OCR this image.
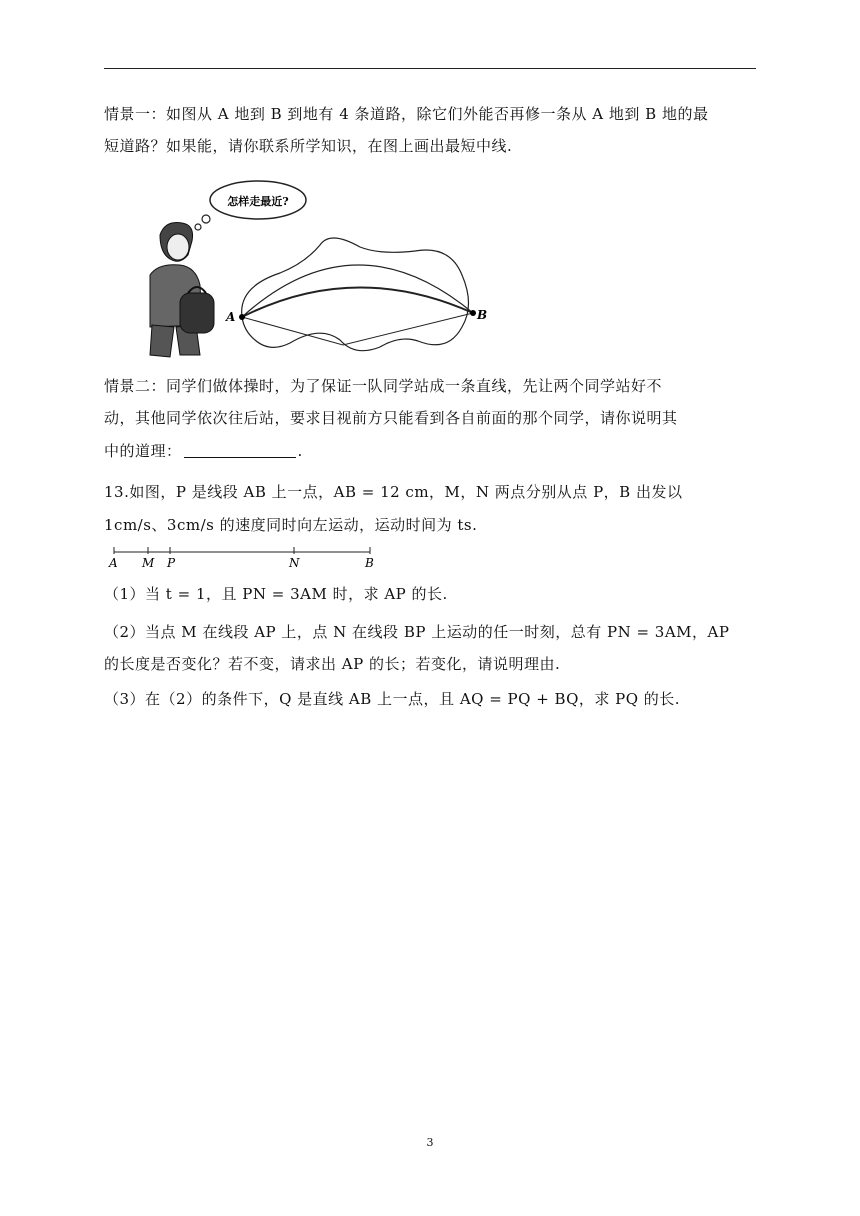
情景一：如图从 A 地到 B 到地有 4 条道路，除它们外能否再修一条从 A 地到 B 地的最
短道路？如果能，请你联系所学知识，在图上画出最短中线.
怎样走最近?
A	B
情景二：同学们做体操时，为了保证一队同学站成一条直线，先让两个同学站好不
动，其他同学依次往后站，要求目视前方只能看到各自前面的那个同学，请你说明其
中的道理：	.
13.如图，P 是线段 AB 上一点，AB = 12 cm，M，N 两点分别从点 P，B 出发以
1cm/s、3cm/s 的速度同时向左运动，运动时间为 ts.
A M P	N	B
（1）当 t = 1，且 PN = 3AM 时，求 AP 的长.
（2）当点 M 在线段 AP 上，点 N 在线段 BP 上运动的任一时刻，总有 PN = 3AM，AP
的长度是否变化？若不变，请求出 AP 的长；若变化，请说明理由.
（3）在（2）的条件下，Q 是直线 AB 上一点，且 AQ = PQ + BQ，求 PQ 的长.
3
